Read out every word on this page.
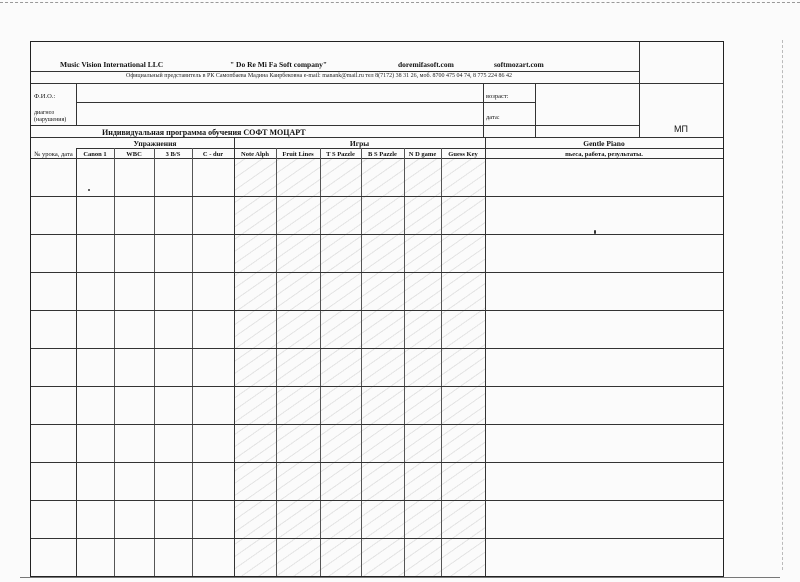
Music Vision International LLC	" Do Re Mi Fa Soft company"	doremifasoft.com	softmozart.com
Официальный представитель в РК Самопбаева Мадина Каирбековна e-mail: manank@mail.ru тел 8(7172) 38 31 26, моб. 8700 475 04 74, 8 775 224 86 42
Ф.И.О.:
диагноз
(нарушения)
возраст:
дата:
МП
Индивидуальная программа обучения СОФТ МОЦАРТ
Упражнения	Игры	Gentle Piano
№ урока, дата	Canon 1	WBC	3 B/S	C - dur	Note Alph	Fruit Lines	T S Pazzle	B S Pazzle	N D game	Guess Key	пьеса, работа, результаты.
